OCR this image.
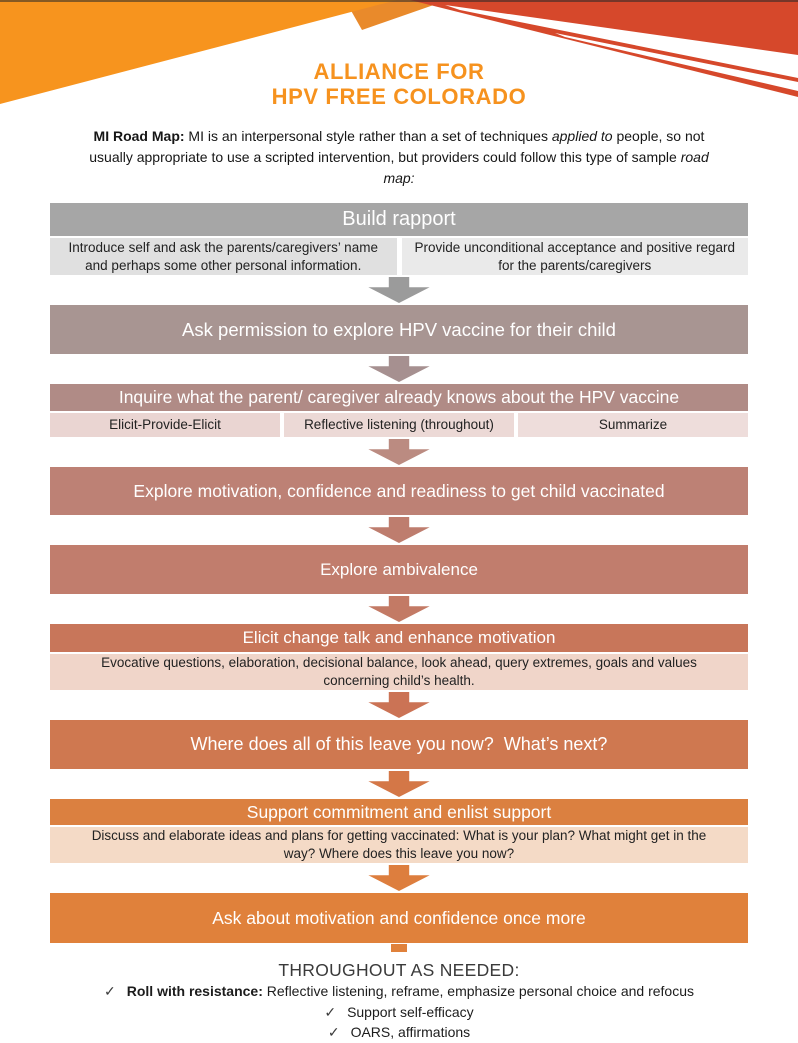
ALLIANCE FOR
HPV FREE COLORADO

MI Road Map: MI is an interpersonal style rather than a set of techniques applied to people, so not usually appropriate to use a scripted intervention, but providers could follow this type of sample road map:

Build rapport
Introduce self and ask the parents/caregivers’ name and perhaps some other personal information.
Provide unconditional acceptance and positive regard for the parents/caregivers
Ask permission to explore HPV vaccine for their child
Inquire what the parent/ caregiver already knows about the HPV vaccine
Elicit-Provide-Elicit	Reflective listening (throughout)	Summarize
Explore motivation, confidence and readiness to get child vaccinated
Explore ambivalence
Elicit change talk and enhance motivation
Evocative questions, elaboration, decisional balance, look ahead, query extremes, goals and values concerning child’s health.
Where does all of this leave you now?  What’s next?
Support commitment and enlist support
Discuss and elaborate ideas and plans for getting vaccinated: What is your plan? What might get in the way? Where does this leave you now?
Ask about motivation and confidence once more
THROUGHOUT AS NEEDED:
✓ Roll with resistance: Reflective listening, reframe, emphasize personal choice and refocus
✓ Support self-efficacy
✓ OARS, affirmations
